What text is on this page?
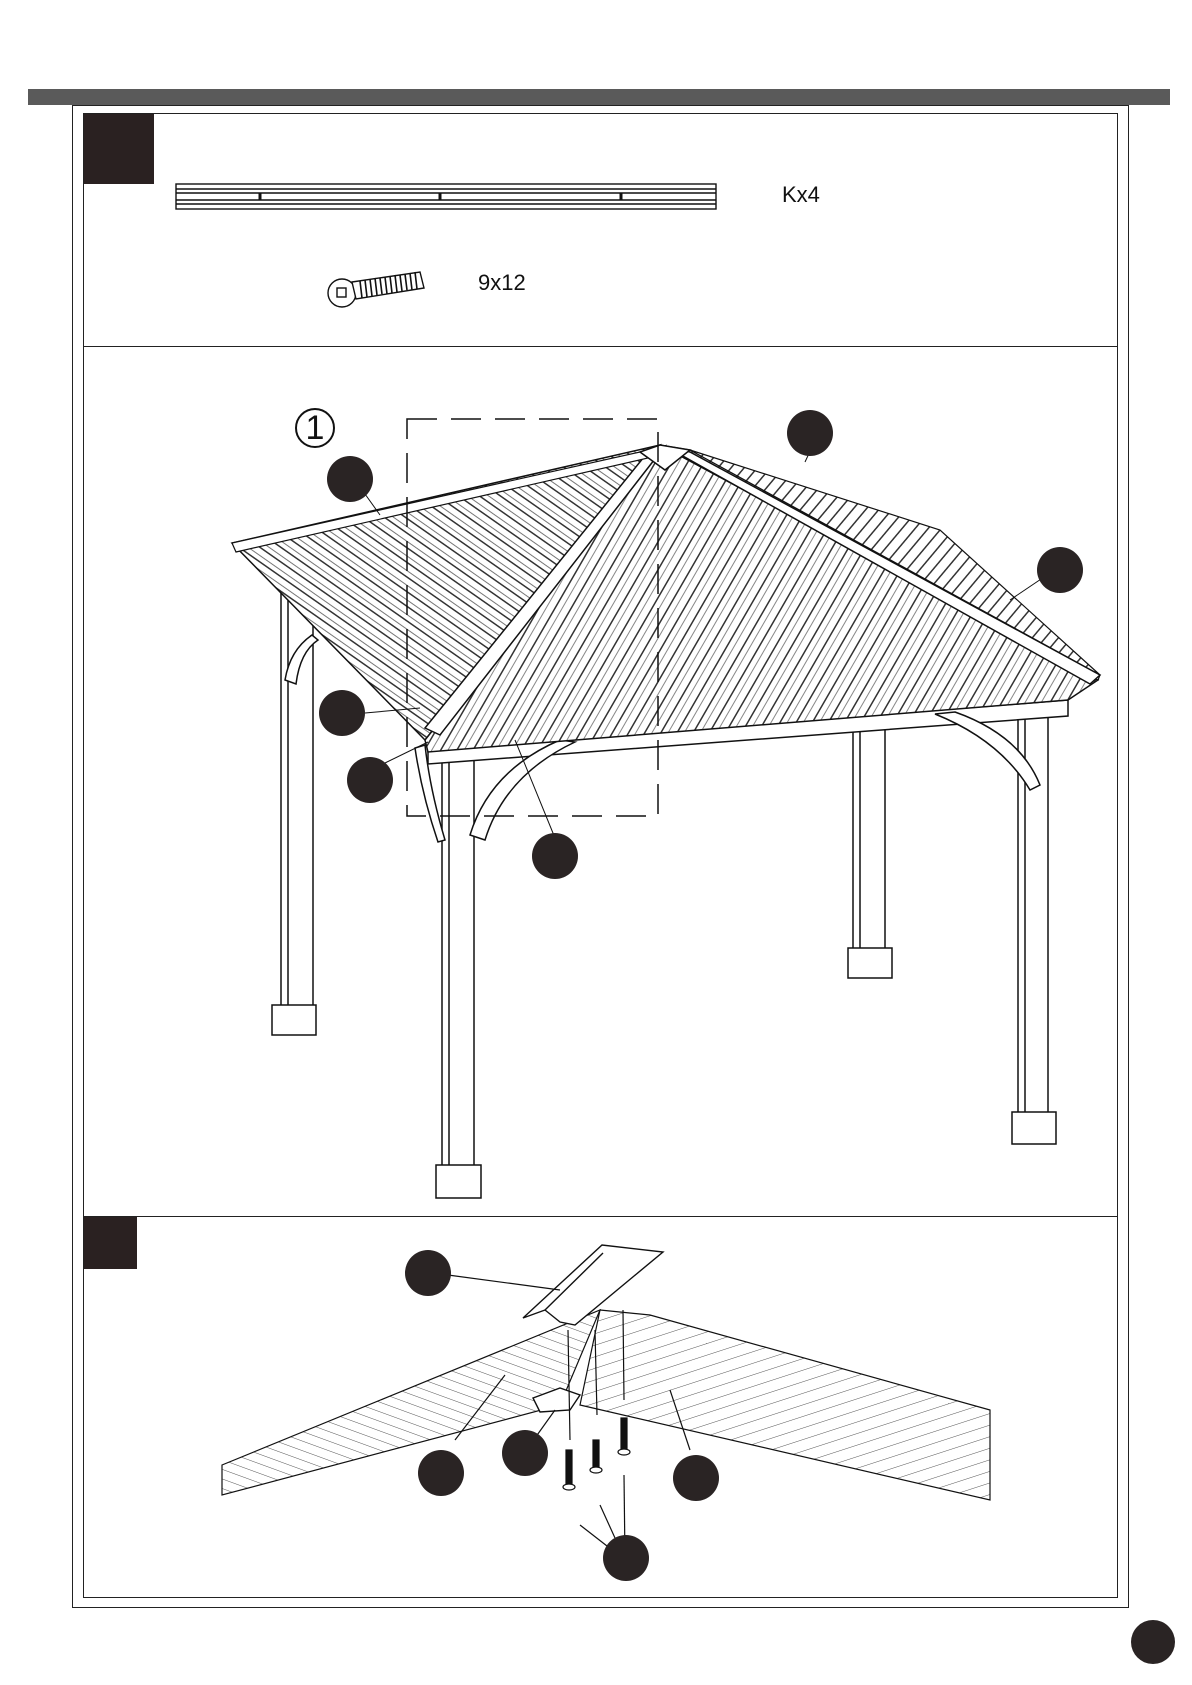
Kx4
9x12
1
